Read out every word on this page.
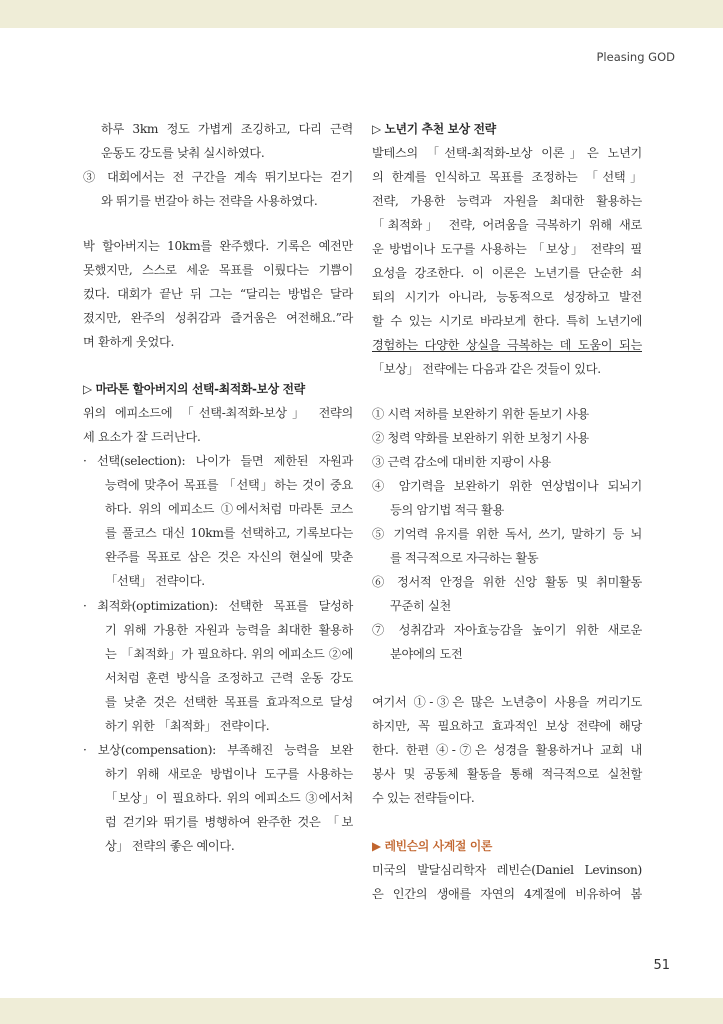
Pleasing GOD
하루 3km 정도 가볍게 조깅하고, 다리 근력
운동도 강도를 낮춰 실시하였다.
③ 대회에서는 전 구간을 계속 뛰기보다는 걷기
와 뛰기를 번갈아 하는 전략을 사용하였다.
박 할아버지는 10km를 완주했다. 기록은 예전만
못했지만, 스스로 세운 목표를 이뤘다는 기쁨이
컸다. 대회가 끝난 뒤 그는 “달리는 방법은 달라
졌지만, 완주의 성취감과 즐거움은 여전해요.”라
며 환하게 웃었다.
▷ 마라톤 할아버지의 선택-최적화-보상 전략
위의 에피소드에 「선택-최적화-보상」 전략의
세 요소가 잘 드러난다.
· 선택(selection): 나이가 들면 제한된 자원과
능력에 맞추어 목표를 「선택」하는 것이 중요
하다. 위의 에피소드 ①에서처럼 마라톤 코스
를 풀코스 대신 10km를 선택하고, 기록보다는
완주를 목표로 삼은 것은 자신의 현실에 맞춘
「선택」 전략이다.
· 최적화(optimization): 선택한 목표를 달성하
기 위해 가용한 자원과 능력을 최대한 활용하
는 「최적화」가 필요하다. 위의 에피소드 ②에
서처럼 훈련 방식을 조정하고 근력 운동 강도
를 낮춘 것은 선택한 목표를 효과적으로 달성
하기 위한 「최적화」 전략이다.
· 보상(compensation): 부족해진 능력을 보완
하기 위해 새로운 방법이나 도구를 사용하는
「보상」이 필요하다. 위의 에피소드 ③에서처
럼 걷기와 뛰기를 병행하여 완주한 것은 「보
상」 전략의 좋은 예이다.
▷ 노년기 추천 보상 전략
발테스의 「선택-최적화-보상 이론」은 노년기
의 한계를 인식하고 목표를 조정하는 「선택」
전략, 가용한 능력과 자원을 최대한 활용하는
「최적화」 전략, 어려움을 극복하기 위해 새로
운 방법이나 도구를 사용하는 「보상」 전략의 필
요성을 강조한다. 이 이론은 노년기를 단순한 쇠
퇴의 시기가 아니라, 능동적으로 성장하고 발전
할 수 있는 시기로 바라보게 한다. 특히 노년기에
경험하는 다양한 상실을 극복하는 데 도움이 되는
「보상」 전략에는 다음과 같은 것들이 있다.
① 시력 저하를 보완하기 위한 돋보기 사용
② 청력 약화를 보완하기 위한 보청기 사용
③ 근력 감소에 대비한 지팡이 사용
④ 암기력을 보완하기 위한 연상법이나 되뇌기
등의 암기법 적극 활용
⑤ 기억력 유지를 위한 독서, 쓰기, 말하기 등 뇌
를 적극적으로 자극하는 활동
⑥ 정서적 안정을 위한 신앙 활동 및 취미활동
꾸준히 실천
⑦ 성취감과 자아효능감을 높이기 위한 새로운
분야에의 도전
여기서 ①-③은 많은 노년층이 사용을 꺼리기도
하지만, 꼭 필요하고 효과적인 보상 전략에 해당
한다. 한편 ④-⑦은 성경을 활용하거나 교회 내
봉사 및 공동체 활동을 통해 적극적으로 실천할
수 있는 전략들이다.
▶ 레빈슨의 사계절 이론
미국의 발달심리학자 레빈슨(Daniel Levinson)
은 인간의 생애를 자연의 4계절에 비유하여 봄
51
